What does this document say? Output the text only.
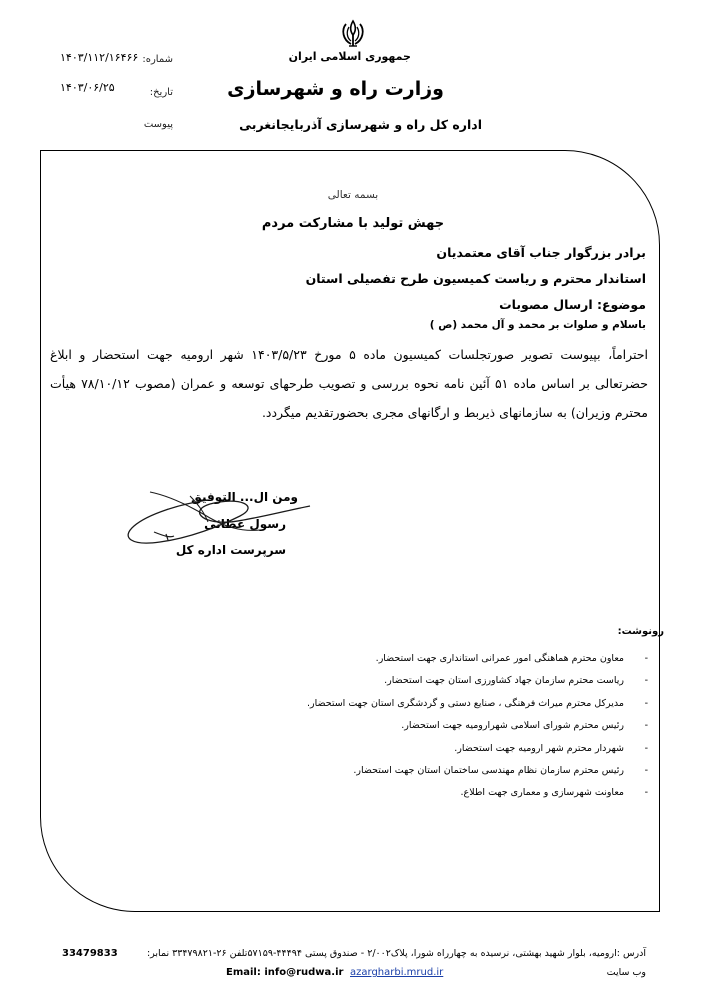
جمهوری اسلامی ایران
وزارت راه و شهرسازی
اداره کل راه و شهرسازی آذربایجانغربی
شماره:
۱۴۰۳/۱۱۲/۱۶۴۶۶
تاریخ:
۱۴۰۳/۰۶/۲۵
پیوست
بسمه تعالی
جهش تولید با مشارکت مردم
برادر بزرگوار جناب آقای معتمدیان
استاندار محترم و ریاست کمیسیون طرح تفصیلی استان
موضوع: ارسال مصوبات
باسلام و صلوات بر محمد و آل محمد (ص )
احتراماً، بپیوست تصویر صورتجلسات کمیسیون ماده ۵ مورخ ۱۴۰۳/۵/۲۳ شهر ارومیه جهت استحضار و ابلاغ حضرتعالی بر اساس ماده ۵۱ آئین نامه نحوه بررسی و تصویب طرحهای توسعه و عمران (مصوب ۷۸/۱۰/۱۲ هیأت محترم وزیران) به سازمانهای ذیربط و ارگانهای مجری بحضورتقدیم میگردد.
ومن ال... التوفیق
رسول عطائی
سرپرست اداره کل
رونوشت:
-
معاون محترم هماهنگی امور عمرانی استانداری جهت استحضار.
-
ریاست محترم سازمان جهاد کشاورزی استان جهت استحضار.
-
مدیرکل محترم میراث فرهنگی ، صنایع دستی و گردشگری استان جهت استحضار.
-
رئیس محترم شورای اسلامی شهرارومیه جهت استحضار.
-
شهردار محترم شهر ارومیه جهت استحضار.
-
رئیس محترم سازمان نظام مهندسی ساختمان استان جهت استحضار.
-
معاونت شهرسازی و معماری جهت اطلاع.
آدرس :ارومیه، بلوار شهید بهشتی، نرسیده به چهارراه شورا، پلاک۲/۰۰۲ - صندوق پستی ۴۴۴۹۴-۵۷۱۵۹تلفن ۲۶-۳۳۴۷۹۸۲۱ نمابر:
33479833
وب سایت
azargharbi.mrud.ir
Email: info@rudwa.ir
